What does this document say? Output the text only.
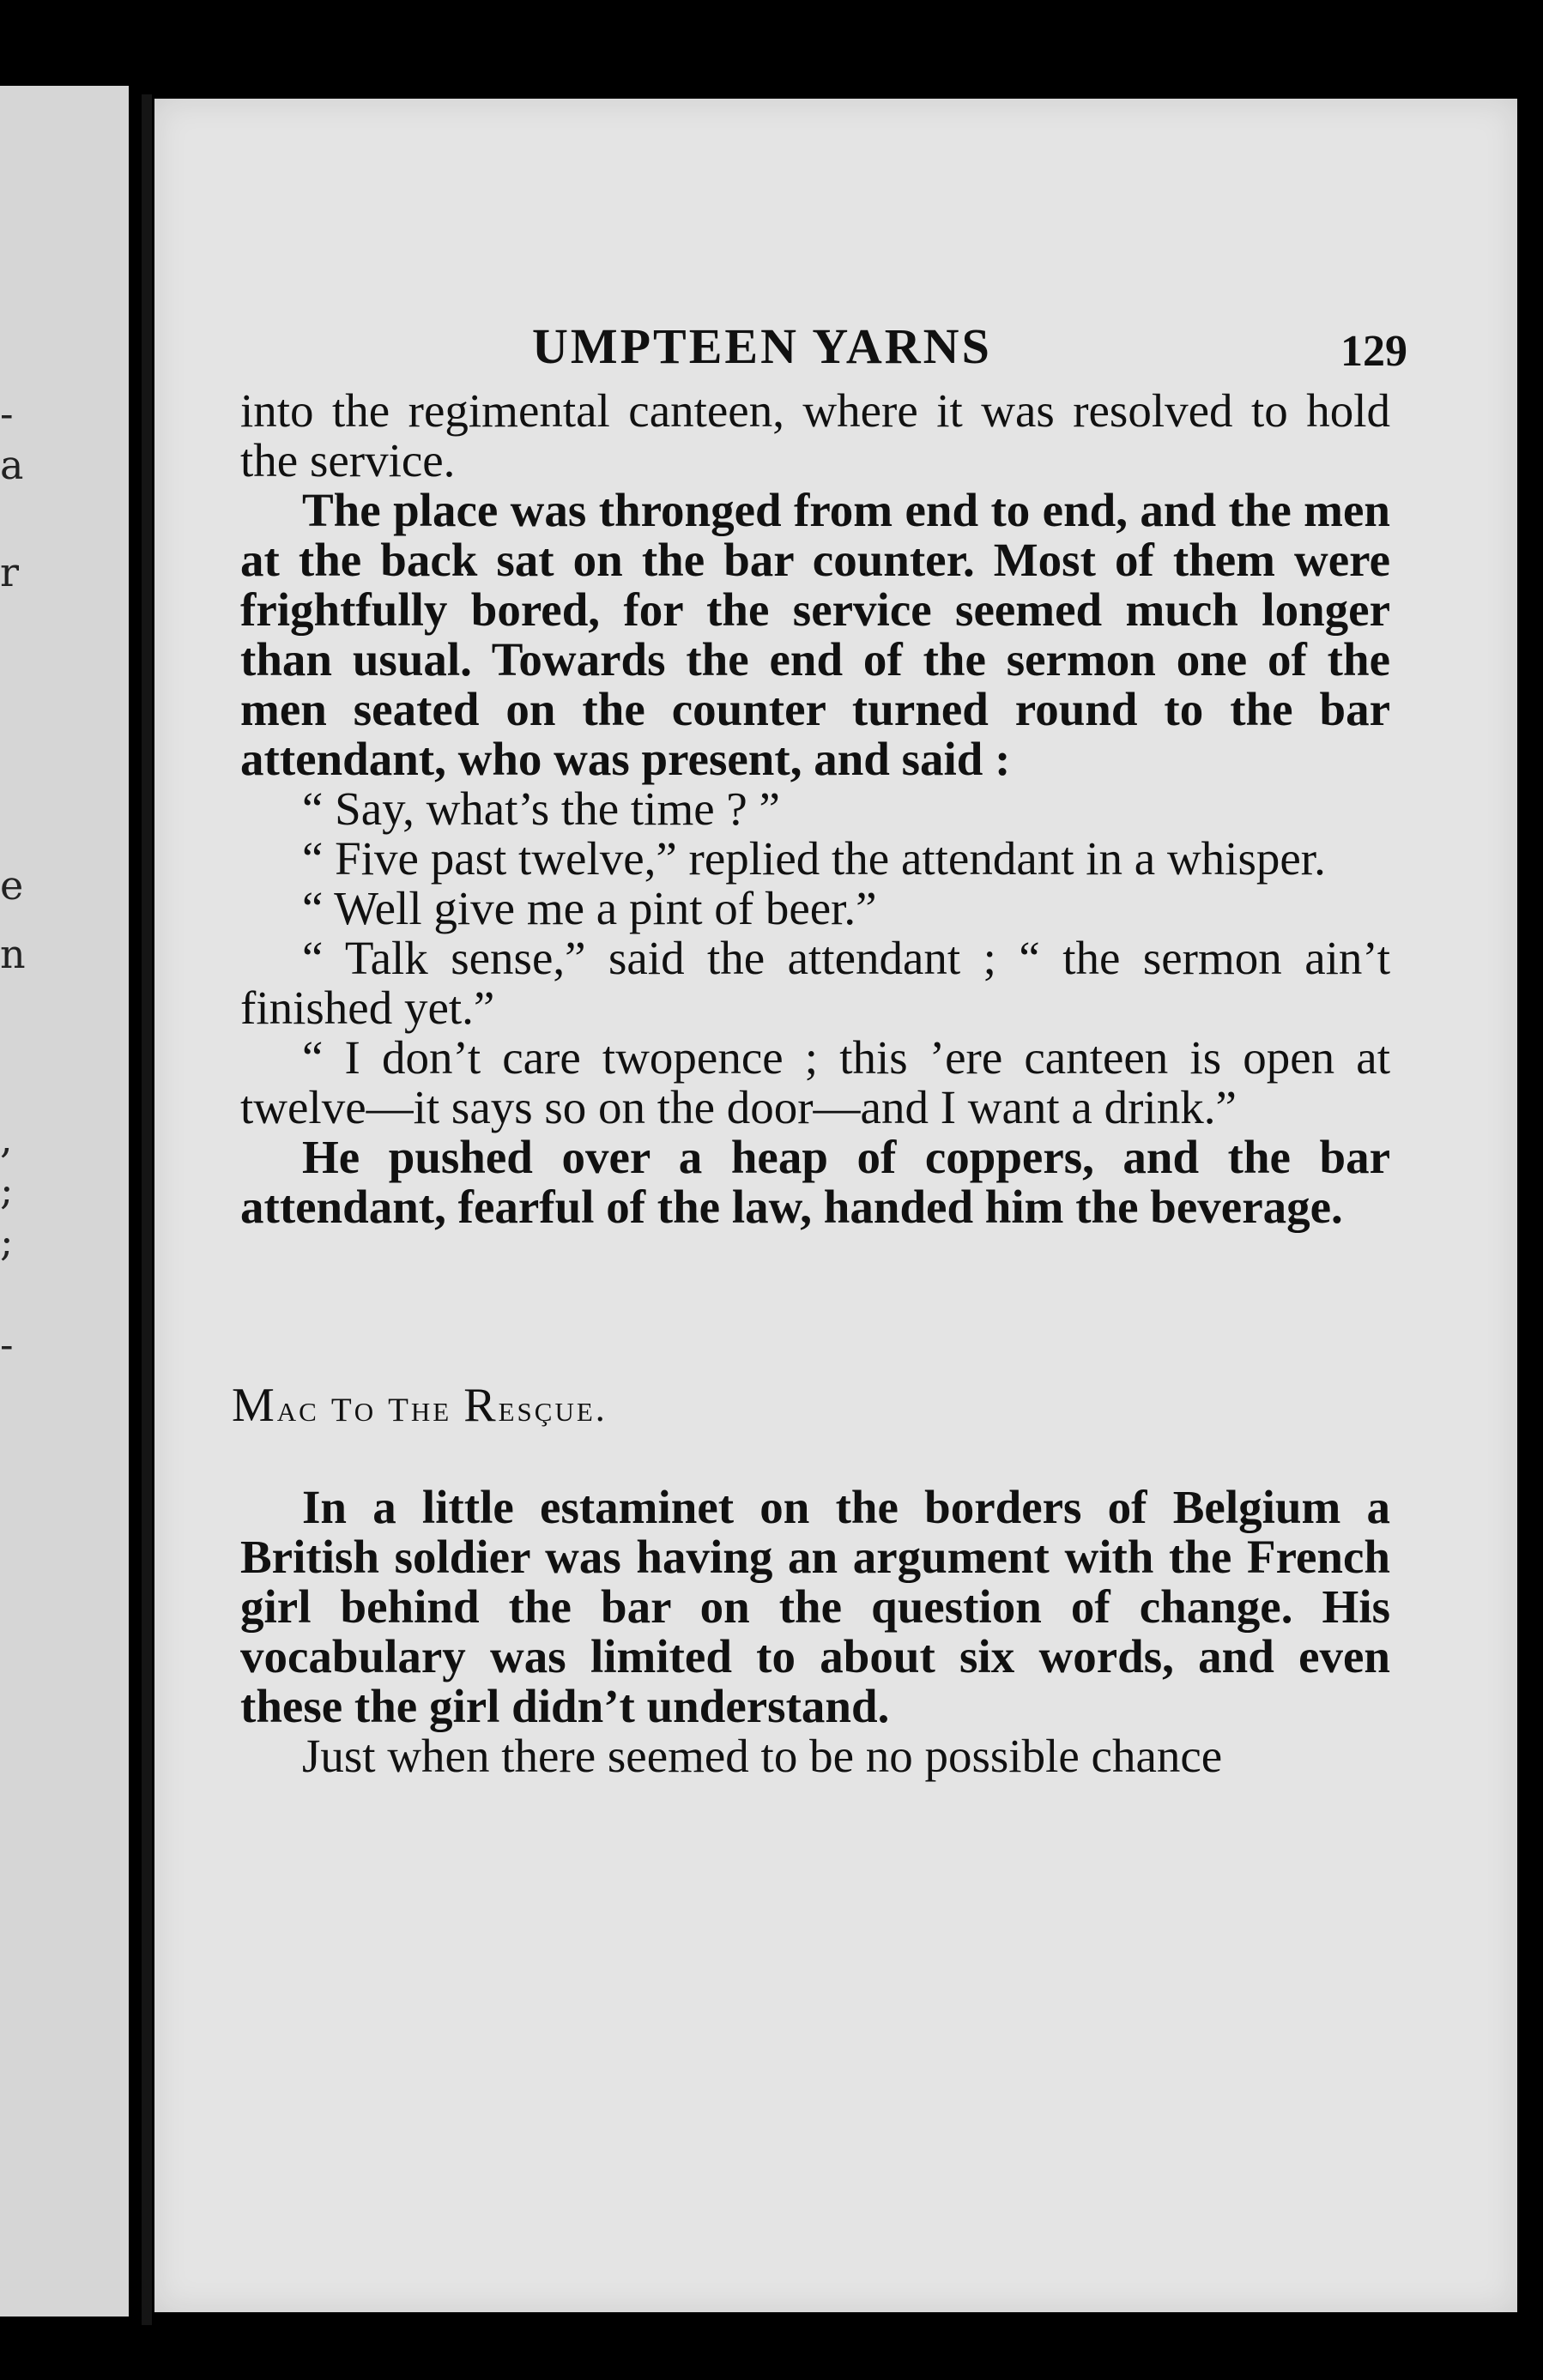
-
a
r
e
n
,
;
;
-
UMPTEEN YARNS	129

into the regimental canteen, where it was resolved to hold the service.

The place was thronged from end to end, and the men at the back sat on the bar counter. Most of them were frightfully bored, for the service seemed much longer than usual. Towards the end of the sermon one of the men seated on the counter turned round to the bar attendant, who was present, and said :

“ Say, what’s the time ? ”

“ Five past twelve,” replied the attendant in a whisper.

“ Well give me a pint of beer.”

“ Talk sense,” said the attendant ; “ the sermon ain’t finished yet.”

“ I don’t care twopence ; this ’ere canteen is open at twelve—it says so on the door—and I want a drink.”

He pushed over a heap of coppers, and the bar attendant, fearful of the law, handed him the beverage.

Mac to the Resçue.

In a little estaminet on the borders of Belgium a British soldier was having an argument with the French girl behind the bar on the question of change. His vocabulary was limited to about six words, and even these the girl didn’t understand.

Just when there seemed to be no possible chance
